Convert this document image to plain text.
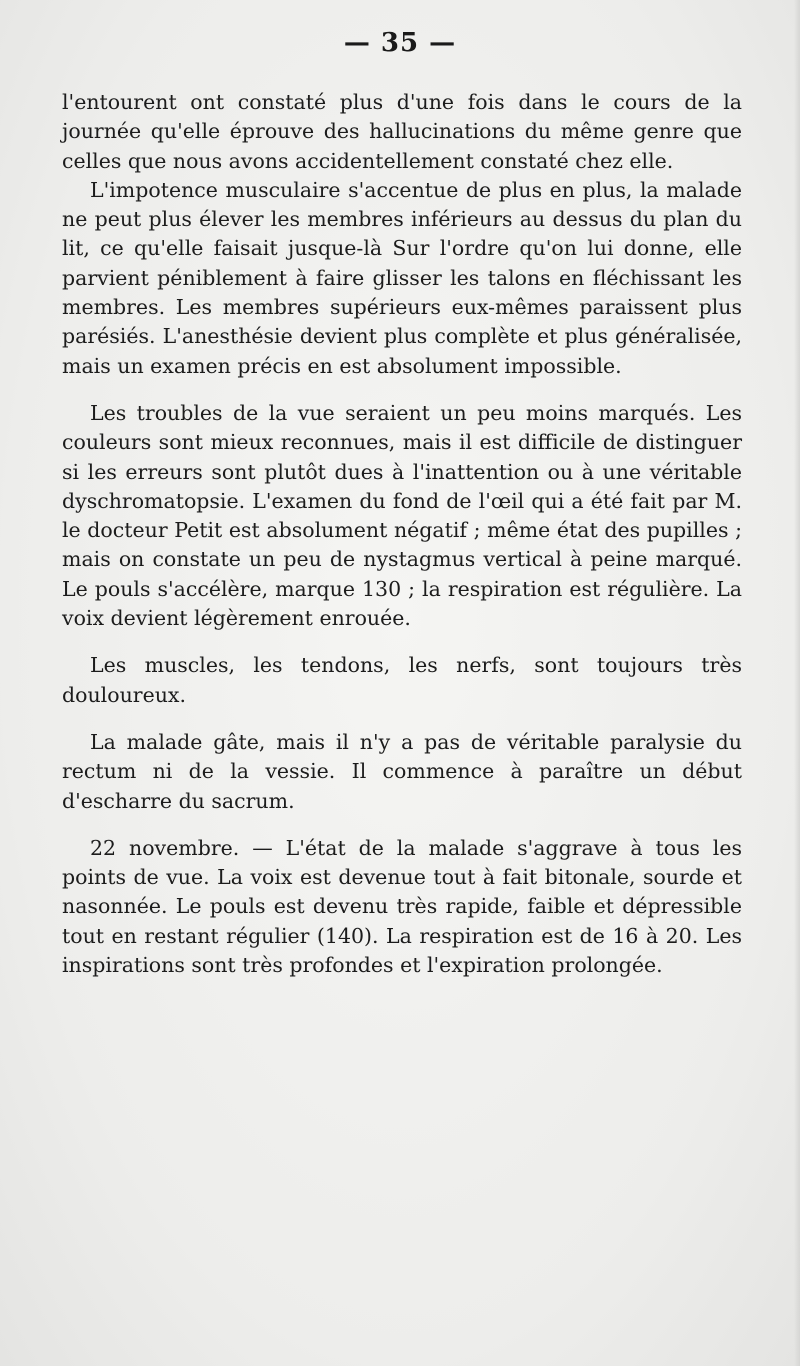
— 35 —

l'entourent ont constaté plus d'une fois dans le cours de la journée qu'elle éprouve des hallucinations du même genre que celles que nous avons accidentellement constaté chez elle.

L'impotence musculaire s'accentue de plus en plus, la malade ne peut plus élever les membres inférieurs au dessus du plan du lit, ce qu'elle faisait jusque-là Sur l'ordre qu'on lui donne, elle parvient péniblement à faire glisser les talons en fléchissant les membres. Les membres supérieurs eux-mêmes paraissent plus parésiés. L'anesthésie devient plus complète et plus généralisée, mais un examen précis en est absolument impossible.

Les troubles de la vue seraient un peu moins marqués. Les couleurs sont mieux reconnues, mais il est difficile de distinguer si les erreurs sont plutôt dues à l'inattention ou à une véritable dyschromatopsie. L'examen du fond de l'œil qui a été fait par M. le docteur Petit est absolument négatif ; même état des pupilles ; mais on constate un peu de nystagmus vertical à peine marqué. Le pouls s'accélère, marque 130 ; la respiration est régulière. La voix devient légèrement enrouée.

Les muscles, les tendons, les nerfs, sont toujours très douloureux.

La malade gâte, mais il n'y a pas de véritable paralysie du rectum ni de la vessie. Il commence à paraître un début d'escharre du sacrum.

22 novembre. — L'état de la malade s'aggrave à tous les points de vue. La voix est devenue tout à fait bitonale, sourde et nasonnée. Le pouls est devenu très rapide, faible et dépressible tout en restant régulier (140). La respiration est de 16 à 20. Les inspirations sont très profondes et l'expiration prolongée.
